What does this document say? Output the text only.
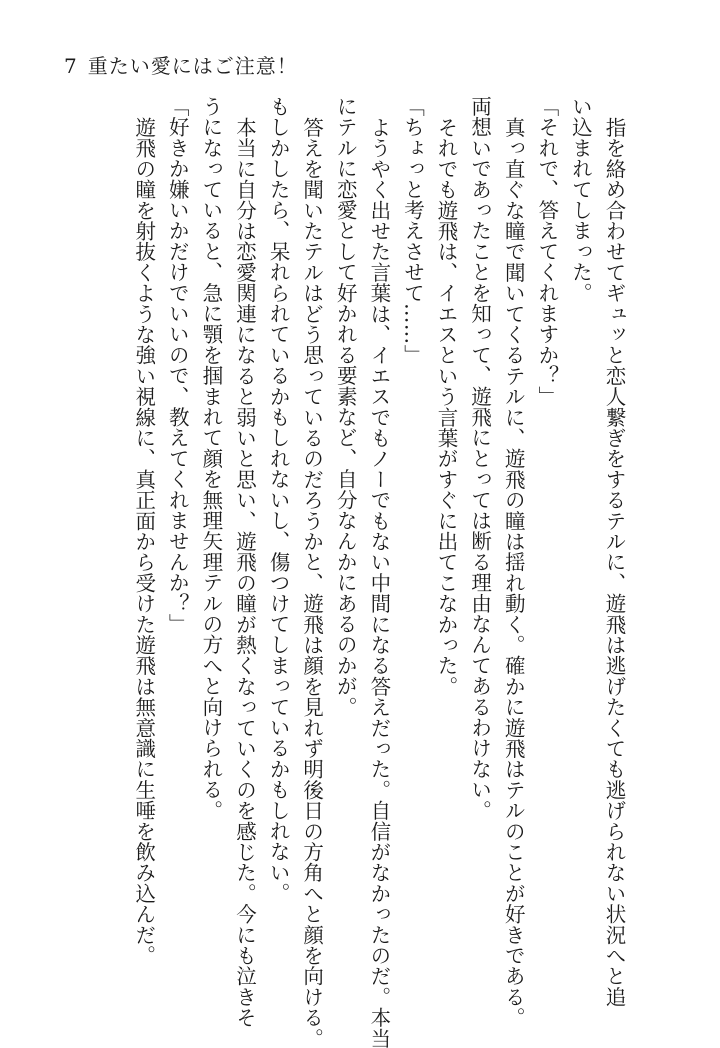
7 重たい愛にはご注意！

指を絡め合わせてギュッと恋人繋ぎをするテルに、遊飛は逃げたくても逃げられない状況へと追

い込まれてしまった。

「それで、答えてくれますか？」

真っ直ぐな瞳で聞いてくるテルに、遊飛の瞳は揺れ動く。確かに遊飛はテルのことが好きである。

両想いであったことを知って、遊飛にとっては断る理由なんてあるわけない。

それでも遊飛は、イエスという言葉がすぐに出てこなかった。

「ちょっと考えさせて……」

ようやく出せた言葉は、イエスでもノーでもない中間になる答えだった。自信がなかったのだ。本当

にテルに恋愛として好かれる要素など、自分なんかにあるのかが。

答えを聞いたテルはどう思っているのだろうかと、遊飛は顔を見れず明後日の方角へと顔を向ける。

もしかしたら、呆れられているかもしれないし、傷つけてしまっているかもしれない。

本当に自分は恋愛関連になると弱いと思い、遊飛の瞳が熱くなっていくのを感じた。今にも泣きそ

うになっていると、急に顎を掴まれて顔を無理矢理テルの方へと向けられる。

「好きか嫌いかだけでいいので、教えてくれませんか？」

遊飛の瞳を射抜くような強い視線に、真正面から受けた遊飛は無意識に生唾を飲み込んだ。
